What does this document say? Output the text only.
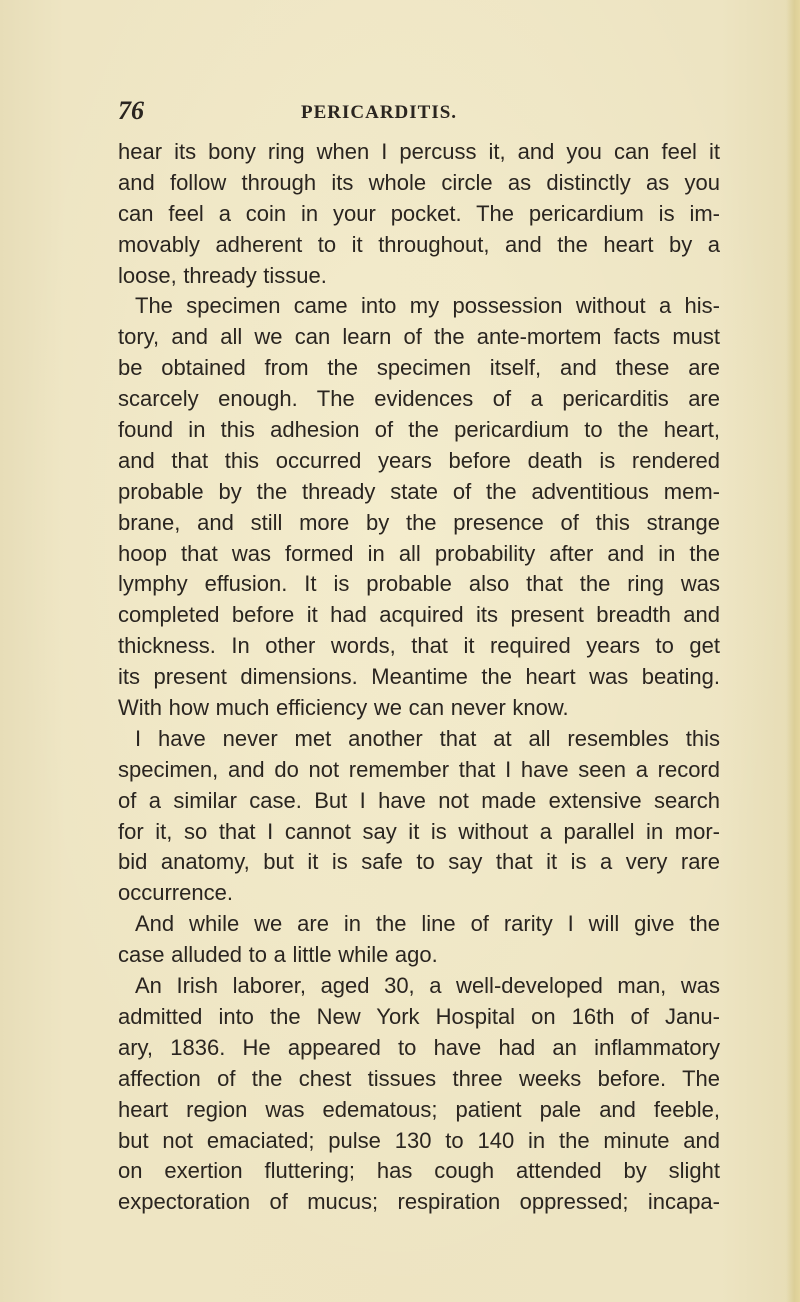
76	PERICARDITIS.
hear its bony ring when I percuss it, and you can feel it
and follow through its whole circle as distinctly as you
can feel a coin in your pocket. The pericardium is im-
movably adherent to it throughout, and the heart by a
loose, thready tissue.
The specimen came into my possession without a his-
tory, and all we can learn of the ante-mortem facts must
be obtained from the specimen itself, and these are
scarcely enough. The evidences of a pericarditis are
found in this adhesion of the pericardium to the heart,
and that this occurred years before death is rendered
probable by the thready state of the adventitious mem-
brane, and still more by the presence of this strange
hoop that was formed in all probability after and in the
lymphy effusion. It is probable also that the ring was
completed before it had acquired its present breadth and
thickness. In other words, that it required years to get
its present dimensions. Meantime the heart was beating.
With how much efficiency we can never know.
I have never met another that at all resembles this
specimen, and do not remember that I have seen a record
of a similar case. But I have not made extensive search
for it, so that I cannot say it is without a parallel in mor-
bid anatomy, but it is safe to say that it is a very rare
occurrence.
And while we are in the line of rarity I will give the
case alluded to a little while ago.
An Irish laborer, aged 30, a well-developed man, was
admitted into the New York Hospital on 16th of Janu-
ary, 1836. He appeared to have had an inflammatory
affection of the chest tissues three weeks before. The
heart region was edematous; patient pale and feeble,
but not emaciated; pulse 130 to 140 in the minute and
on exertion fluttering; has cough attended by slight
expectoration of mucus; respiration oppressed; incapa-
